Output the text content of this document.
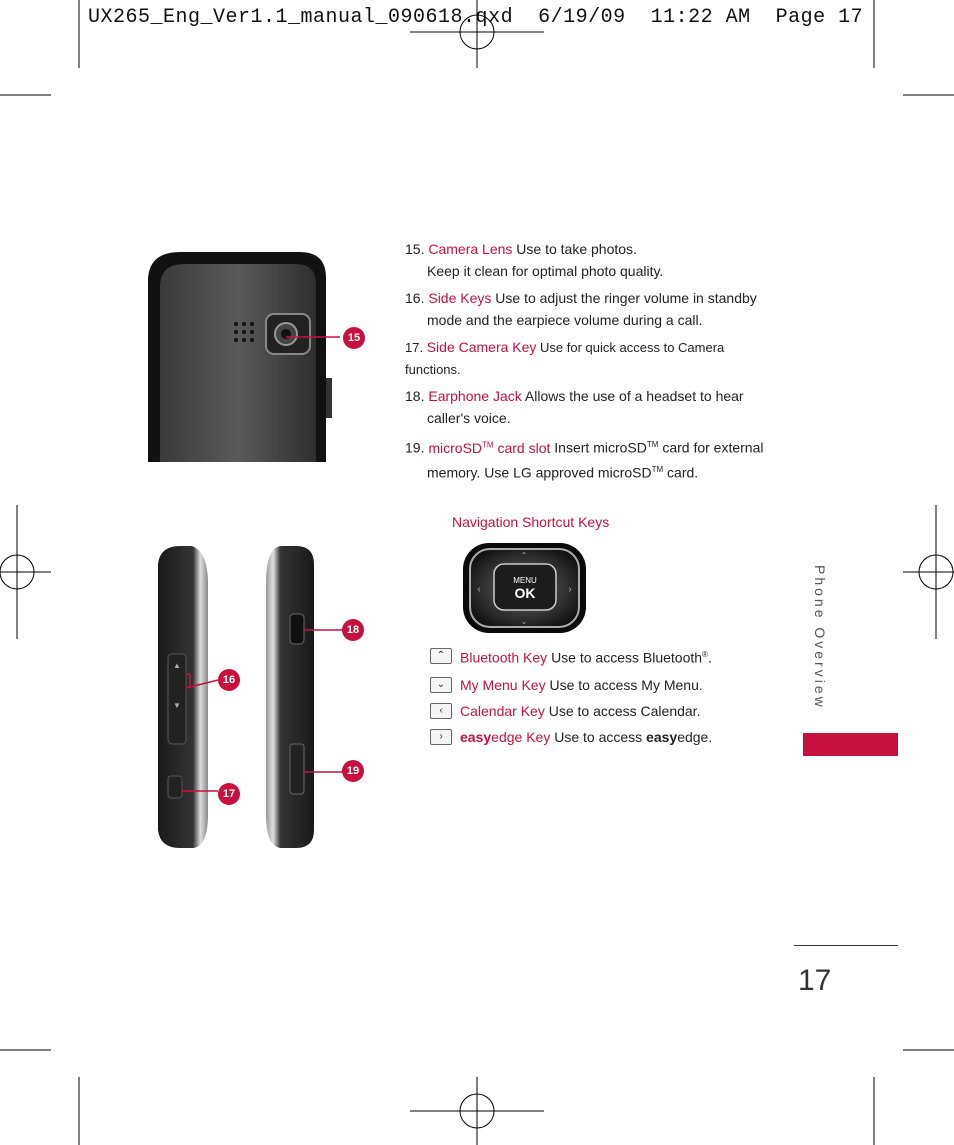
UX265_Eng_Ver1.1_manual_090618.qxd 6/19/09 11:22 AM Page 17
15
15. Camera Lens Use to take photos.
Keep it clean for optimal photo quality.
16. Side Keys Use to adjust the ringer volume in standby
mode and the earpiece volume during a call.
17. Side Camera Key Use for quick access to Camera functions.
18. Earphone Jack Allows the use of a headset to hear
caller's voice.
19. microSD™ card slot Insert microSD™ card for external
memory. Use LG approved microSD™ card.
▲
▼
16
17
18
19
Navigation Shortcut Keys
⌃
⌄
‹	›
MENU
OK
⌃	Bluetooth Key Use to access Bluetooth®.
⌄	My Menu Key Use to access My Menu.
‹	Calendar Key Use to access Calendar.
›	easyedge Key Use to access easyedge.
Phone Overview
17
